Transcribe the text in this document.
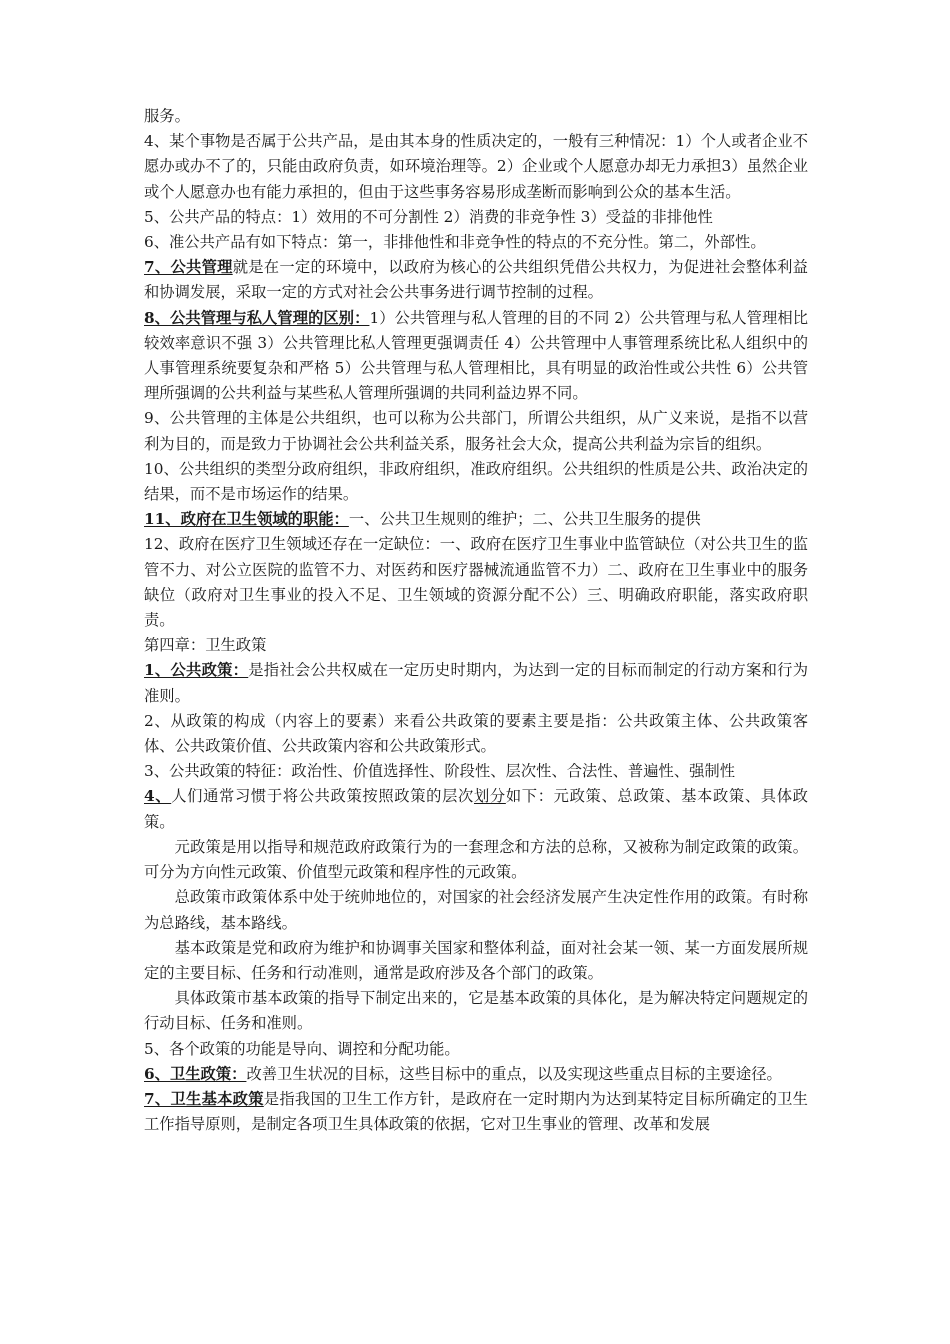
服务。

4、某个事物是否属于公共产品，是由其本身的性质决定的，一般有三种情况：1）个人或者企业不愿办或办不了的，只能由政府负责，如环境治理等。2）企业或个人愿意办却无力承担3）虽然企业或个人愿意办也有能力承担的，但由于这些事务容易形成垄断而影响到公众的基本生活。

5、公共产品的特点：1）效用的不可分割性 2）消费的非竞争性 3）受益的非排他性

6、准公共产品有如下特点：第一，非排他性和非竞争性的特点的不充分性。第二，外部性。

7、公共管理就是在一定的环境中，以政府为核心的公共组织凭借公共权力，为促进社会整体利益和协调发展，采取一定的方式对社会公共事务进行调节控制的过程。

8、公共管理与私人管理的区别：1）公共管理与私人管理的目的不同 2）公共管理与私人管理相比较效率意识不强 3）公共管理比私人管理更强调责任 4）公共管理中人事管理系统比私人组织中的人事管理系统要复杂和严格 5）公共管理与私人管理相比，具有明显的政治性或公共性 6）公共管理所强调的公共利益与某些私人管理所强调的共同利益边界不同。

9、公共管理的主体是公共组织，也可以称为公共部门，所谓公共组织，从广义来说，是指不以营利为目的，而是致力于协调社会公共利益关系，服务社会大众，提高公共利益为宗旨的组织。

10、公共组织的类型分政府组织，非政府组织，准政府组织。公共组织的性质是公共、政治决定的结果，而不是市场运作的结果。

11、政府在卫生领域的职能：一、公共卫生规则的维护；二、公共卫生服务的提供

12、政府在医疗卫生领域还存在一定缺位：一、政府在医疗卫生事业中监管缺位（对公共卫生的监管不力、对公立医院的监管不力、对医药和医疗器械流通监管不力）二、政府在卫生事业中的服务缺位（政府对卫生事业的投入不足、卫生领域的资源分配不公）三、明确政府职能，落实政府职责。

第四章：卫生政策

1、公共政策：是指社会公共权威在一定历史时期内，为达到一定的目标而制定的行动方案和行为准则。

2、从政策的构成（内容上的要素）来看公共政策的要素主要是指：公共政策主体、公共政策客体、公共政策价值、公共政策内容和公共政策形式。

3、公共政策的特征：政治性、价值选择性、阶段性、层次性、合法性、普遍性、强制性

4、人们通常习惯于将公共政策按照政策的层次划分如下：元政策、总政策、基本政策、具体政策。

元政策是用以指导和规范政府政策行为的一套理念和方法的总称，又被称为制定政策的政策。可分为方向性元政策、价值型元政策和程序性的元政策。

总政策市政策体系中处于统帅地位的，对国家的社会经济发展产生决定性作用的政策。有时称为总路线，基本路线。

基本政策是党和政府为维护和协调事关国家和整体利益，面对社会某一领、某一方面发展所规定的主要目标、任务和行动准则，通常是政府涉及各个部门的政策。

具体政策市基本政策的指导下制定出来的，它是基本政策的具体化，是为解决特定问题规定的行动目标、任务和准则。

5、各个政策的功能是导向、调控和分配功能。

6、卫生政策：改善卫生状况的目标，这些目标中的重点，以及实现这些重点目标的主要途径。

7、卫生基本政策是指我国的卫生工作方针，是政府在一定时期内为达到某特定目标所确定的卫生工作指导原则，是制定各项卫生具体政策的依据，它对卫生事业的管理、改革和发展
